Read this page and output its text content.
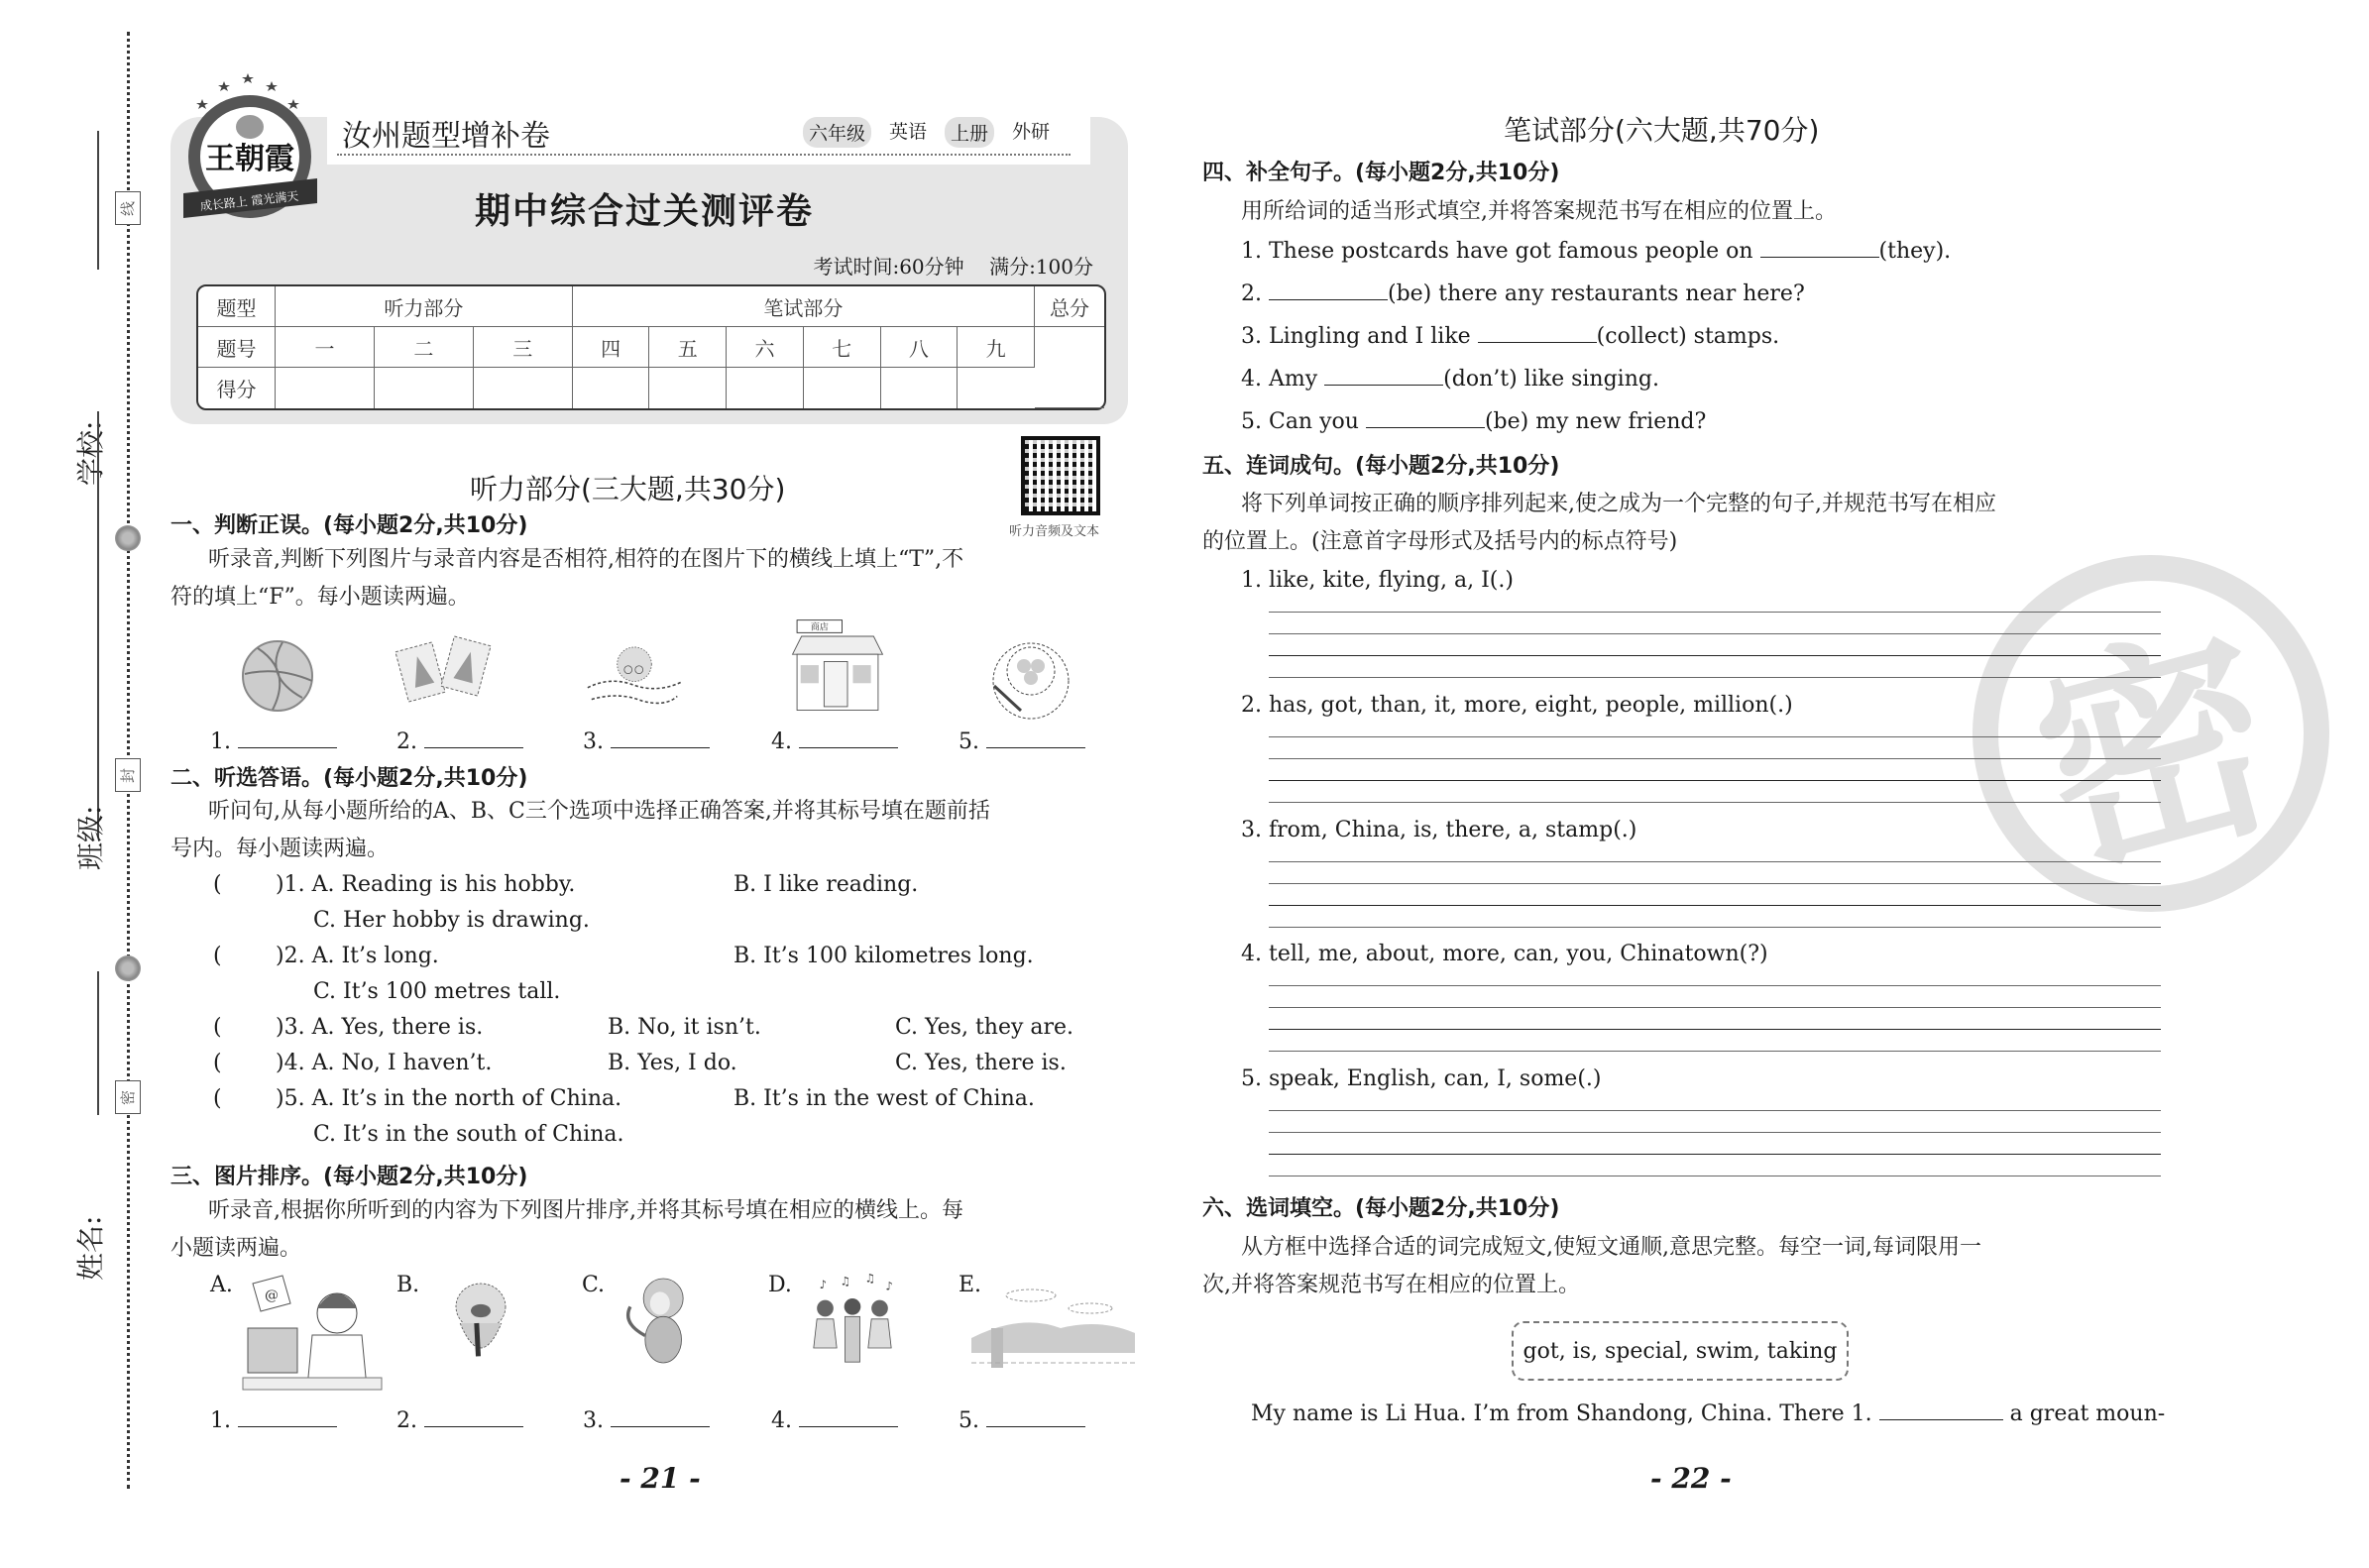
线
封
密
学校:
班级:
姓名:
王朝霞
成长路上 霞光满天
汝州题型增补卷	六年级	英语	上册	外研
期中综合过关测评卷
考试时间:60分钟 满分:100分
题型	听力部分			笔试部分						总分
题号	一	二	三	四	五	六	七	八	九	
得分										
听力部分(三大题,共30分)
听力音频及文本
一、判断正误。(每小题2分,共10分)
听录音,判断下列图片与录音内容是否相符,相符的在图片下的横线上填上“T”,不
符的填上“F”。每小题读两遍。
商店
1.	2.	3.	4.	5.
二、听选答语。(每小题2分,共10分)
听问句,从每小题所给的A、B、C三个选项中选择正确答案,并将其标号填在题前括
号内。每小题读两遍。
( )1. A. Reading is his hobby.	B. I like reading.
C. Her hobby is drawing.
( )2. A. It’s long.	B. It’s 100 kilometres long.
C. It’s 100 metres tall.
( )3. A. Yes, there is.	B. No, it isn’t.	C. Yes, they are.
( )4. A. No, I haven’t.	B. Yes, I do.	C. Yes, there is.
( )5. A. It’s in the north of China.	B. It’s in the west of China.
C. It’s in the south of China.
三、图片排序。(每小题2分,共10分)
听录音,根据你所听到的内容为下列图片排序,并将其标号填在相应的横线上。每
小题读两遍。
A. @	B.	C.	D. ♪ ♫ ♫
♪	E.
1.	2.	3.	4.	5.
- 21 -
密
笔试部分(六大题,共70分)
四、补全句子。(每小题2分,共10分)
用所给词的适当形式填空,并将答案规范书写在相应的位置上。
1. These postcards have got famous people on	(they).
2.	(be) there any restaurants near here?
3. Lingling and I like	(collect) stamps.
4. Amy	(don’t) like singing.
5. Can you	(be) my new friend?
五、连词成句。(每小题2分,共10分)
将下列单词按正确的顺序排列起来,使之成为一个完整的句子,并规范书写在相应
的位置上。(注意首字母形式及括号内的标点符号)
1. like, kite, flying, a, I(.)
2. has, got, than, it, more, eight, people, million(.)
3. from, China, is, there, a, stamp(.)
4. tell, me, about, more, can, you, Chinatown(?)
5. speak, English, can, I, some(.)
六、选词填空。(每小题2分,共10分)
从方框中选择合适的词完成短文,使短文通顺,意思完整。每空一词,每词限用一
次,并将答案规范书写在相应的位置上。
got, is, special, swim, taking
My name is Li Hua. I’m from Shandong, China. There 1.	a great moun-
- 22 -
